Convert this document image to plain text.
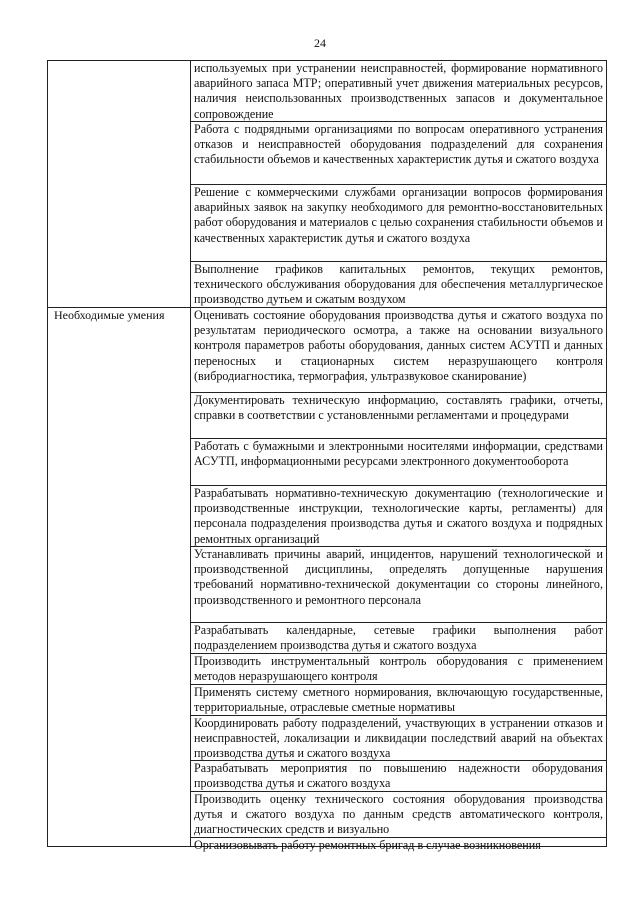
24
используемых при устранении неисправностей, формирование нормативного аварийного запаса МТР; оперативный учет движения материальных ресурсов, наличия неиспользованных производственных запасов и документальное сопровождение
Работа с подрядными организациями по вопросам оперативного устранения отказов и неисправностей оборудования подразделений для сохранения стабильности объемов и качественных характеристик дутья и сжатого воздуха
Решение с коммерческими службами организации вопросов формирования аварийных заявок на закупку необходимого для ремонтно-восстановительных работ оборудования и материалов с целью сохранения стабильности объемов и качественных характеристик дутья и сжатого воздуха
Выполнение графиков капитальных ремонтов, текущих ремонтов, технического обслуживания оборудования для обеспечения металлургическое производство дутьем и сжатым воздухом
Необходимые умения Оценивать состояние оборудования производства дутья и сжатого воздуха по результатам периодического осмотра, а также на основании визуального контроля параметров работы оборудования, данных систем АСУТП и данных переносных и стационарных систем неразрушающего контроля (вибродиагностика, термография, ультразвуковое сканирование)
Документировать техническую информацию, составлять графики, отчеты, справки в соответствии с установленными регламентами и процедурами
Работать с бумажными и электронными носителями информации, средствами АСУТП, информационными ресурсами электронного документооборота
Разрабатывать нормативно-техническую документацию (технологические и производственные инструкции, технологические карты, регламенты) для персонала подразделения производства дутья и сжатого воздуха и подрядных ремонтных организаций
Устанавливать причины аварий, инцидентов, нарушений технологической и производственной дисциплины, определять допущенные нарушения требований нормативно-технической документации со стороны линейного, производственного и ремонтного персонала
Разрабатывать календарные, сетевые графики выполнения работ подразделением производства дутья и сжатого воздуха
Производить инструментальный контроль оборудования с применением методов неразрушающего контроля
Применять систему сметного нормирования, включающую государственные, территориальные, отраслевые сметные нормативы
Координировать работу подразделений, участвующих в устранении отказов и неисправностей, локализации и ликвидации последствий аварий на объектах производства дутья и сжатого воздуха
Разрабатывать мероприятия по повышению надежности оборудования производства дутья и сжатого воздуха
Производить оценку технического состояния оборудования производства дутья и сжатого воздуха по данным средств автоматического контроля, диагностических средств и визуально
Организовывать работу ремонтных бригад в случае возникновения
